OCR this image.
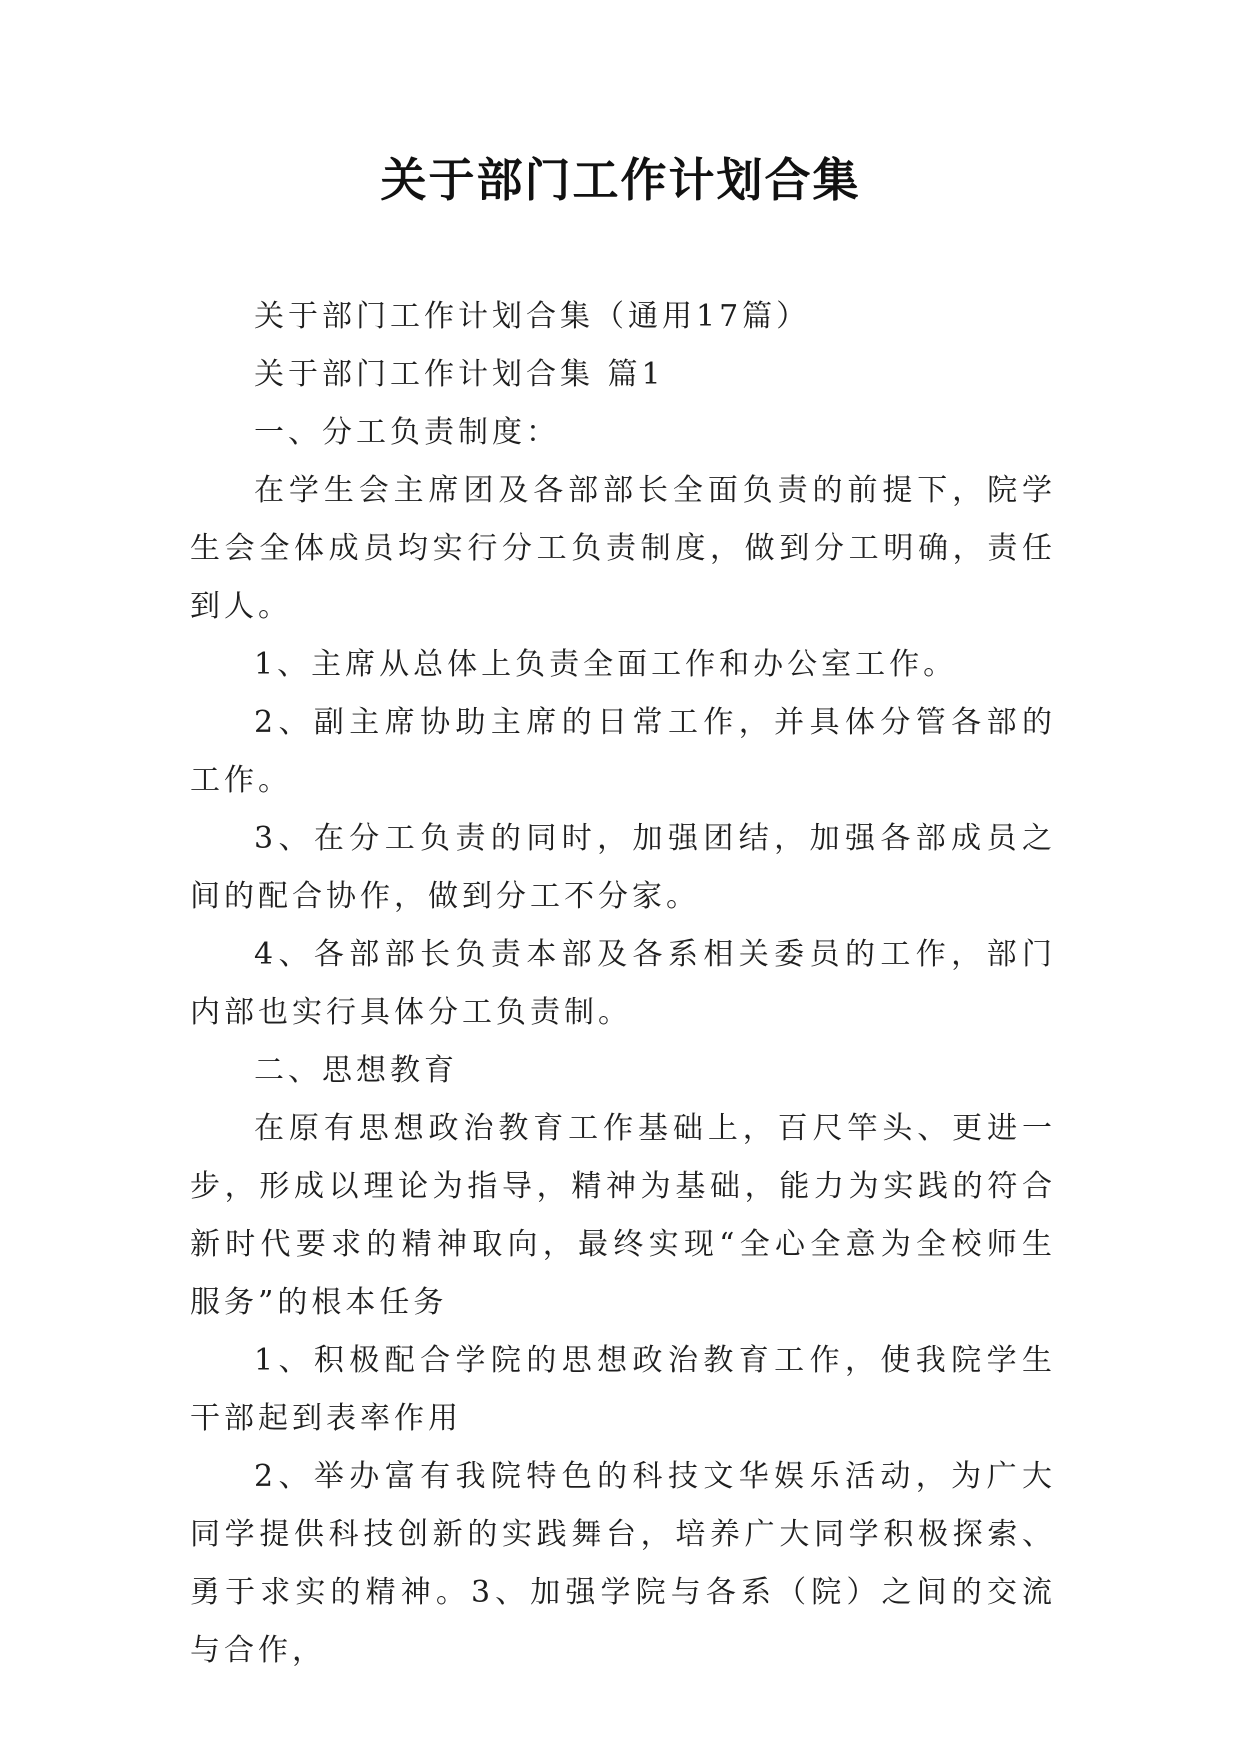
关于部门工作计划合集

关于部门工作计划合集（通用17篇）

关于部门工作计划合集 篇1

一、分工负责制度：

在学生会主席团及各部部长全面负责的前提下，院学生会全体成员均实行分工负责制度，做到分工明确，责任到人。

1、主席从总体上负责全面工作和办公室工作。

2、副主席协助主席的日常工作，并具体分管各部的工作。

3、在分工负责的同时，加强团结，加强各部成员之间的配合协作，做到分工不分家。

4、各部部长负责本部及各系相关委员的工作，部门内部也实行具体分工负责制。

二、思想教育

在原有思想政治教育工作基础上，百尺竿头、更进一步，形成以理论为指导，精神为基础，能力为实践的符合新时代要求的精神取向，最终实现“全心全意为全校师生服务”的根本任务

1、积极配合学院的思想政治教育工作，使我院学生干部起到表率作用

2、举办富有我院特色的科技文华娱乐活动，为广大同学提供科技创新的实践舞台，培养广大同学积极探索、勇于求实的精神。3、加强学院与各系（院）之间的交流与合作，
